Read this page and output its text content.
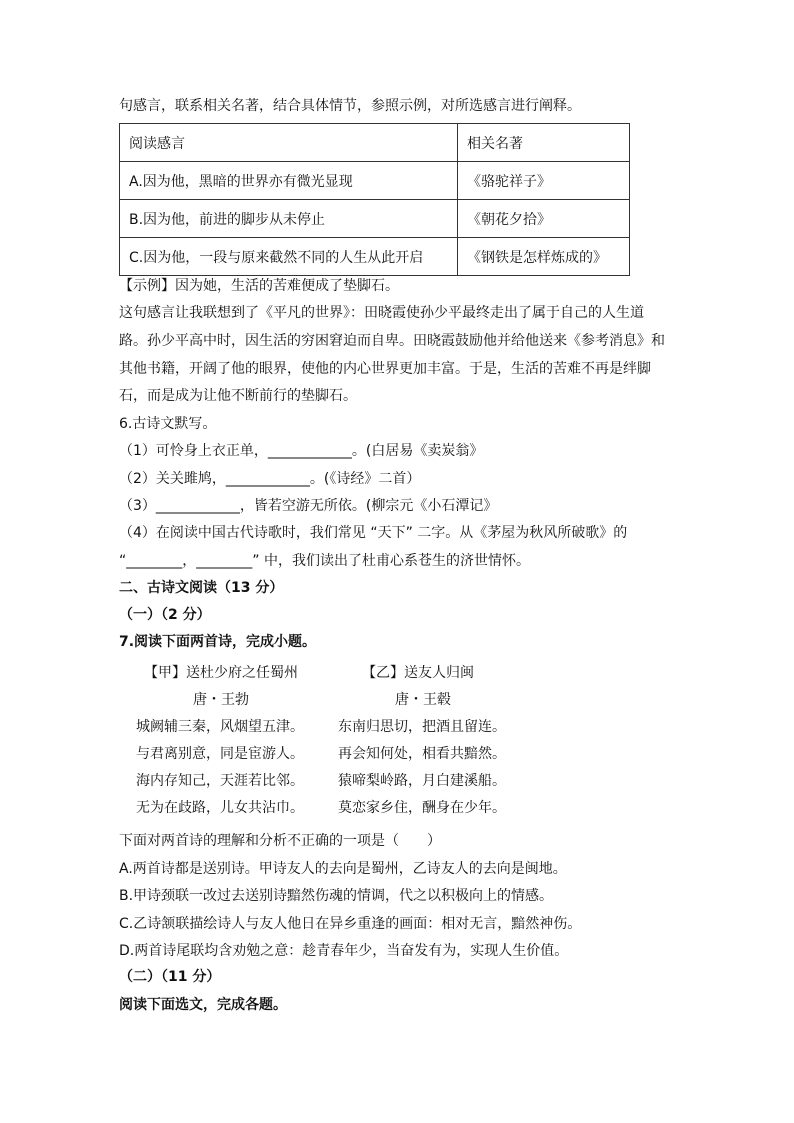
句感言，联系相关名著，结合具体情节，参照示例，对所选感言进行阐释。
阅读感言	相关名著
A.因为他，黑暗的世界亦有微光显现	《骆驼祥子》
B.因为他，前进的脚步从未停止	《朝花夕拾》
C.因为他，一段与原来截然不同的人生从此开启	《钢铁是怎样炼成的》
【示例】因为她，生活的苦难便成了垫脚石。
这句感言让我联想到了《平凡的世界》：田晓霞使孙少平最终走出了属于自己的人生道
路。孙少平高中时，因生活的穷困窘迫而自卑。田晓霞鼓励他并给他送来《参考消息》和
其他书籍，开阔了他的眼界，使他的内心世界更加丰富。于是，生活的苦难不再是绊脚
石，而是成为让他不断前行的垫脚石。
6.古诗文默写。
（1）可怜身上衣正单，____________。(白居易《卖炭翁》
（2）关关雎鸠，____________。(《诗经》二首）
（3）____________，皆若空游无所依。(柳宗元《小石潭记》
（4）在阅读中国古代诗歌时，我们常见 “天下” 二字。从《茅屋为秋风所破歌》的
“________，________” 中，我们读出了杜甫心系苍生的济世情怀。
二、古诗文阅读（13 分）
（一）（2 分）
7.阅读下面两首诗，完成小题。
【甲】送杜少府之任蜀州
唐・王勃
城阙辅三秦，风烟望五津。
与君离别意，同是宦游人。
海内存知己，天涯若比邻。
无为在歧路，儿女共沾巾。
【乙】送友人归闽
唐・王毂
东南归思切，把酒且留连。
再会知何处，相看共黯然。
猿啼梨岭路，月白建溪船。
莫恋家乡住，酬身在少年。
下面对两首诗的理解和分析不正确的一项是（　　）
A.两首诗都是送别诗。甲诗友人的去向是蜀州，乙诗友人的去向是闽地。
B.甲诗颈联一改过去送别诗黯然伤魂的情调，代之以积极向上的情感。
C.乙诗颔联描绘诗人与友人他日在异乡重逢的画面：相对无言，黯然神伤。
D.两首诗尾联均含劝勉之意：趁青春年少，当奋发有为，实现人生价值。
（二）（11 分）
阅读下面选文，完成各题。
